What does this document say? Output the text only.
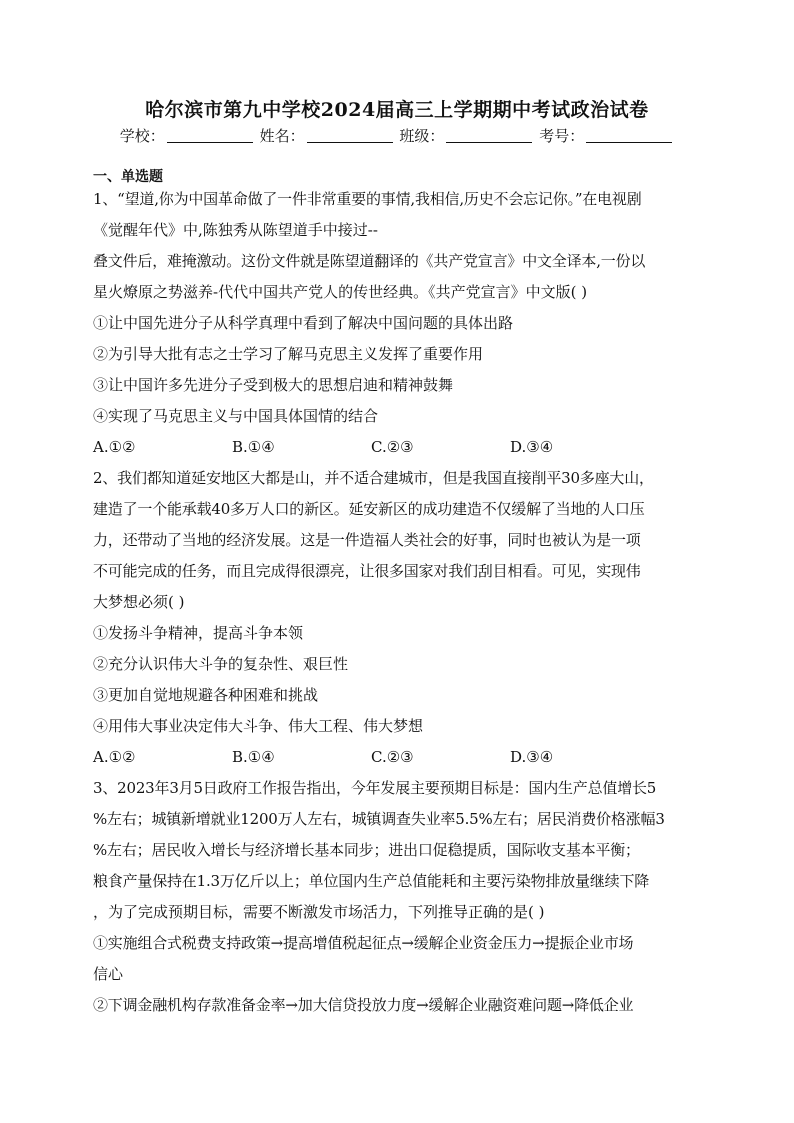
哈尔滨市第九中学校2024届高三上学期期中考试政治试卷
学校：	姓名：	班级：	考号：
一、单选题
1、“望道,你为中国革命做了一件非常重要的事情,我相信,历史不会忘记你。”在电视剧
《觉醒年代》中,陈独秀从陈望道手中接过--
叠文件后，难掩激动。这份文件就是陈望道翻译的《共产党宣言》中文全译本,一份以
星火燎原之势滋养-代代中国共产党人的传世经典。《共产党宣言》中文版( )
①让中国先进分子从科学真理中看到了解决中国问题的具体出路
②为引导大批有志之士学习了解马克思主义发挥了重要作用
③让中国许多先进分子受到极大的思想启迪和精神鼓舞
④实现了马克思主义与中国具体国情的结合
A.①②	B.①④	C.②③	D.③④
2、我们都知道延安地区大都是山，并不适合建城市，但是我国直接削平30多座大山，
建造了一个能承载40多万人口的新区。延安新区的成功建造不仅缓解了当地的人口压
力，还带动了当地的经济发展。这是一件造福人类社会的好事，同时也被认为是一项
不可能完成的任务，而且完成得很漂亮，让很多国家对我们刮目相看。可见，实现伟
大梦想必须( )
①发扬斗争精神，提高斗争本领
②充分认识伟大斗争的复杂性、艰巨性
③更加自觉地规避各种困难和挑战
④用伟大事业决定伟大斗争、伟大工程、伟大梦想
A.①②	B.①④	C.②③	D.③④
3、2023年3月5日政府工作报告指出，今年发展主要预期目标是：国内生产总值增长5
%左右；城镇新增就业1200万人左右，城镇调查失业率5.5%左右；居民消费价格涨幅3
%左右；居民收入增长与经济增长基本同步；进出口促稳提质，国际收支基本平衡；
粮食产量保持在1.3万亿斤以上；单位国内生产总值能耗和主要污染物排放量继续下降
，为了完成预期目标，需要不断激发市场活力，下列推导正确的是( )
①实施组合式税费支持政策→提高增值税起征点→缓解企业资金压力→提振企业市场
信心
②下调金融机构存款准备金率→加大信贷投放力度→缓解企业融资难问题→降低企业
